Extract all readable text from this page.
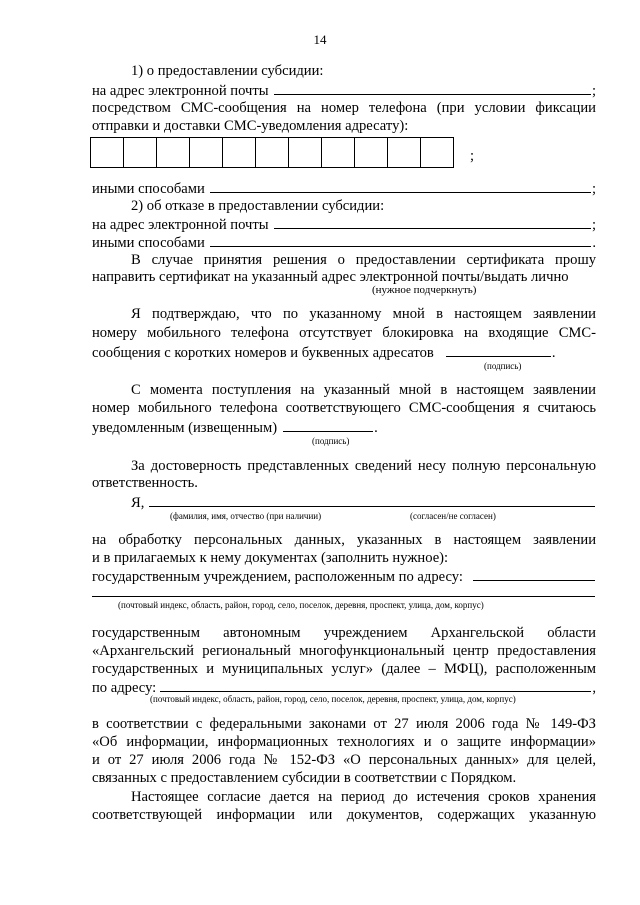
14
1) о предоставлении субсидии:
на адрес электронной почты	;
посредством СМС-сообщения на номер телефона (при условии фиксации
отправки и доставки СМС-уведомления адресату):
;
иными способами	;
2) об отказе в предоставлении субсидии:
на адрес электронной почты	;
иными способами	.
В случае принятия решения о предоставлении сертификата прошу
направить сертификат на указанный адрес электронной почты/выдать лично
(нужное подчеркнуть)
Я подтверждаю, что по указанному мной в настоящем заявлении
номеру мобильного телефона отсутствует блокировка на входящие СМС-
сообщения с коротких номеров и буквенных адресатов	.
(подпись)
С момента поступления на указанный мной в настоящем заявлении
номер мобильного телефона соответствующего СМС-сообщения я считаюсь
уведомленным (извещенным)	.
(подпись)
За достоверность представленных сведений несу полную персональную
ответственность.
Я,
(фамилия, имя, отчество (при наличии)	(согласен/не согласен)
на обработку персональных данных, указанных в настоящем заявлении
и в прилагаемых к нему документах (заполнить нужное):
государственным учреждением, расположенным по адресу:
(почтовый индекс, область, район, город, село, поселок, деревня, проспект, улица, дом, корпус)
государственным автономным учреждением Архангельской области
«Архангельский региональный многофункциональный центр предоставления
государственных и муниципальных услуг» (далее – МФЦ), расположенным
по адресу:	,
(почтовый индекс, область, район, город, село, поселок, деревня, проспект, улица, дом, корпус)
в соответствии с федеральными законами от 27 июля 2006 года № 149-ФЗ
«Об информации, информационных технологиях и о защите информации»
и от 27 июля 2006 года № 152-ФЗ «О персональных данных» для целей,
связанных с предоставлением субсидии в соответствии с Порядком.
Настоящее согласие дается на период до истечения сроков хранения
соответствующей информации или документов, содержащих указанную
